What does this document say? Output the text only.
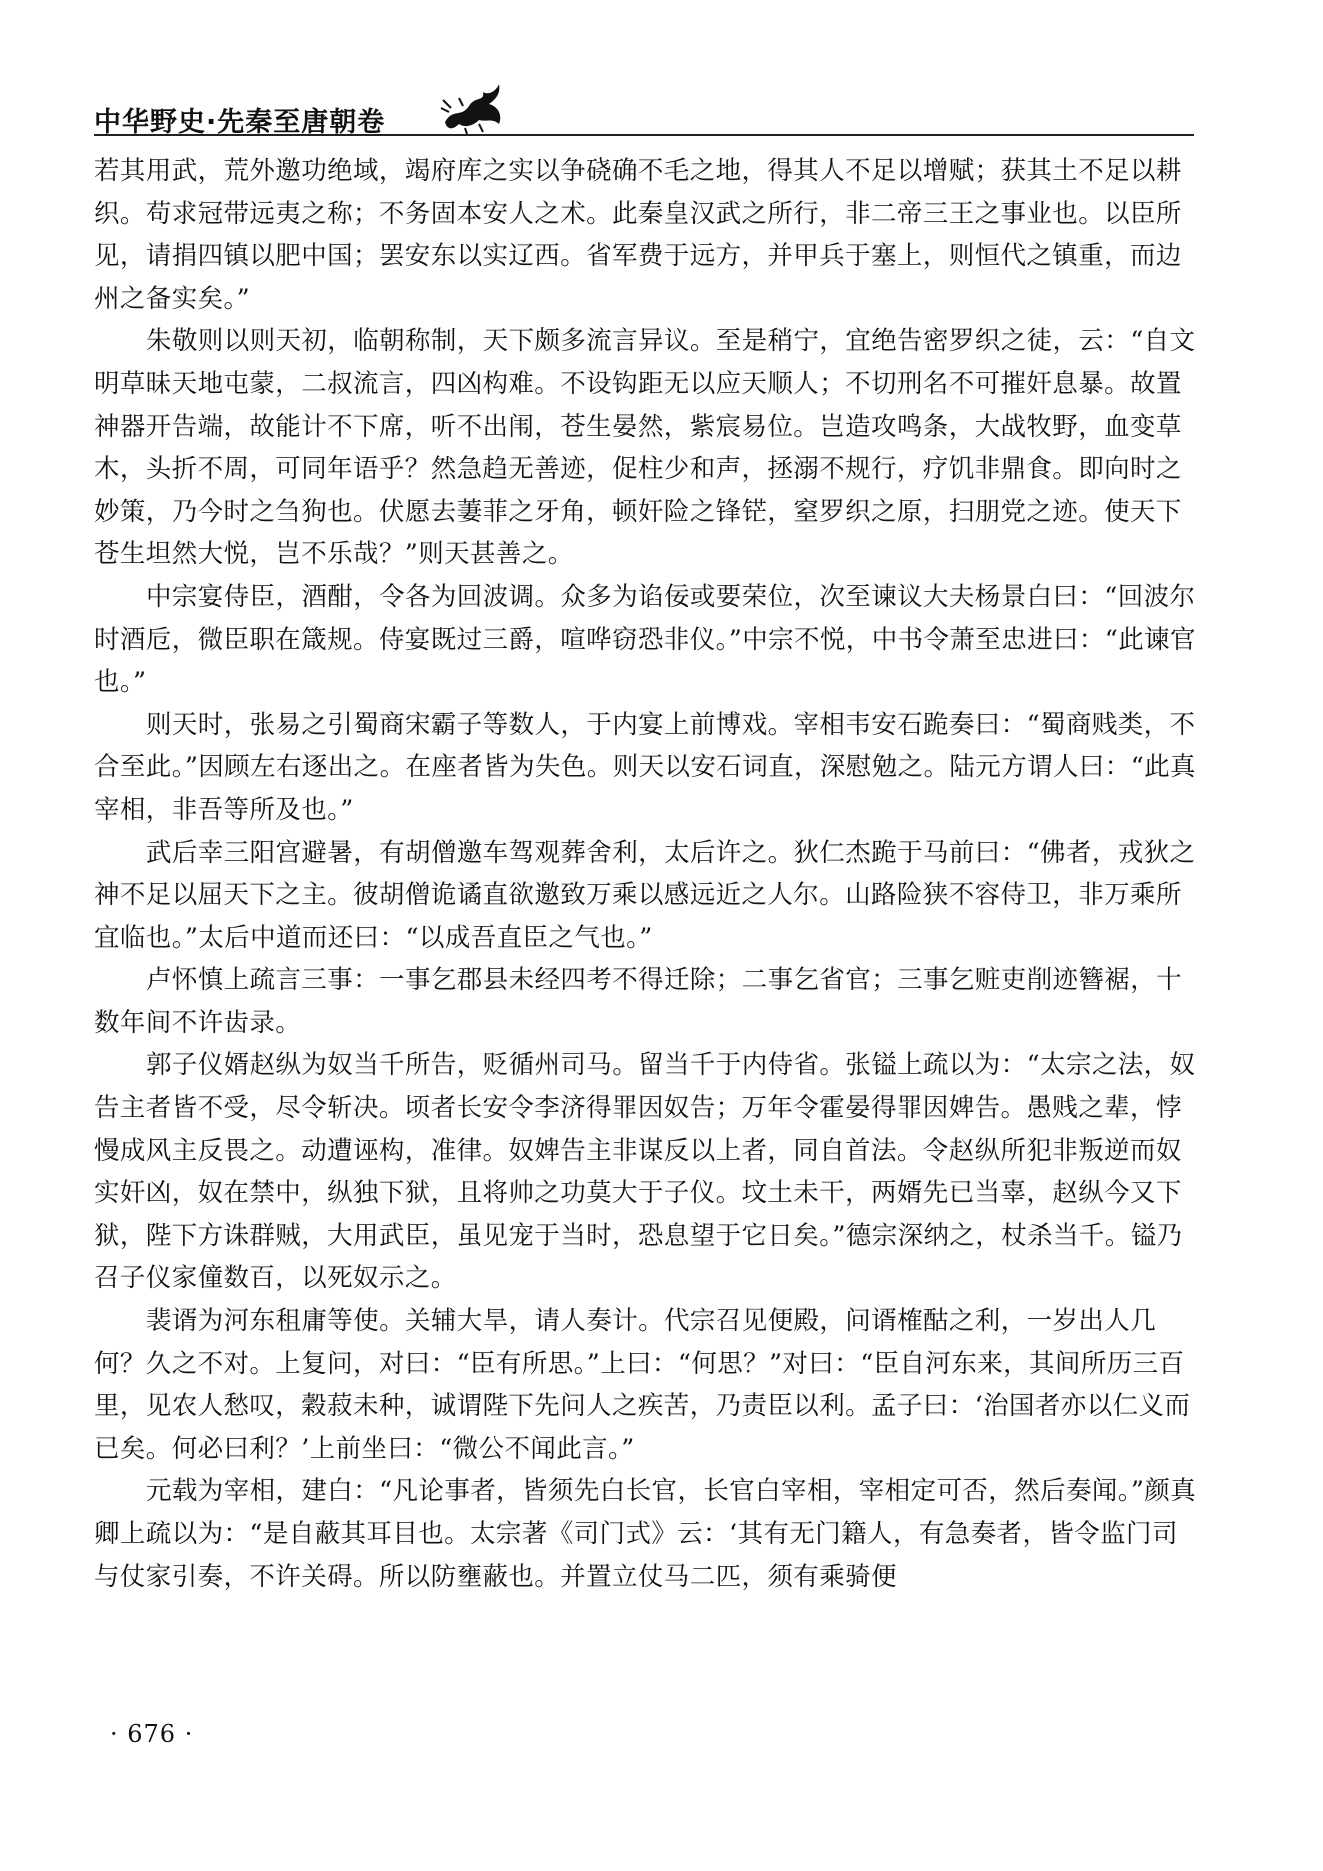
中华野史·先秦至唐朝卷

若其用武，荒外邀功绝域，竭府库之实以争硗确不毛之地，得其人不足以增赋；获其土不足以耕织。苟求冠带远夷之称；不务固本安人之术。此秦皇汉武之所行，非二帝三王之事业也。以臣所见，请捐四镇以肥中国；罢安东以实辽西。省军费于远方，并甲兵于塞上，则恒代之镇重，而边州之备实矣。”

朱敬则以则天初，临朝称制，天下颇多流言异议。至是稍宁，宜绝告密罗织之徒，云：“自文明草昧天地屯蒙，二叔流言，四凶构难。不设钩距无以应天顺人；不切刑名不可摧奸息暴。故置神器开告端，故能计不下席，听不出闱，苍生晏然，紫宸易位。岂造攻鸣条，大战牧野，血变草木，头折不周，可同年语乎？然急趋无善迹，促柱少和声，拯溺不规行，疗饥非鼎食。即向时之妙策，乃今时之刍狗也。伏愿去萋菲之牙角，顿奸险之锋铓，窒罗织之原，扫朋党之迹。使天下苍生坦然大悦，岂不乐哉？”则天甚善之。

中宗宴侍臣，酒酣，令各为回波调。众多为谄佞或要荣位，次至谏议大夫杨景白曰：“回波尔时酒卮，微臣职在箴规。侍宴既过三爵，喧哗窃恐非仪。”中宗不悦，中书令萧至忠进曰：“此谏官也。”

则天时，张易之引蜀商宋霸子等数人，于内宴上前博戏。宰相韦安石跪奏曰：“蜀商贱类，不合至此。”因顾左右逐出之。在座者皆为失色。则天以安石词直，深慰勉之。陆元方谓人曰：“此真宰相，非吾等所及也。”

武后幸三阳宫避暑，有胡僧邀车驾观葬舍利，太后许之。狄仁杰跪于马前曰：“佛者，戎狄之神不足以屈天下之主。彼胡僧诡谲直欲邀致万乘以感远近之人尔。山路险狭不容侍卫，非万乘所宜临也。”太后中道而还曰：“以成吾直臣之气也。”

卢怀慎上疏言三事：一事乞郡县未经四考不得迁除；二事乞省官；三事乞赃吏削迹簪裾，十数年间不许齿录。

郭子仪婿赵纵为奴当千所告，贬循州司马。留当千于内侍省。张镒上疏以为：“太宗之法，奴告主者皆不受，尽令斩决。顷者长安令李济得罪因奴告；万年令霍晏得罪因婢告。愚贱之辈，悖慢成风主反畏之。动遭诬构，准律。奴婢告主非谋反以上者，同自首法。令赵纵所犯非叛逆而奴实奸凶，奴在禁中，纵独下狱，且将帅之功莫大于子仪。坟土未干，两婿先已当辜，赵纵今又下狱，陛下方诛群贼，大用武臣，虽见宠于当时，恐息望于它日矣。”德宗深纳之，杖杀当千。镒乃召子仪家僮数百，以死奴示之。

裴谞为河东租庸等使。关辅大旱，请人奏计。代宗召见便殿，问谞榷酤之利，一岁出人几何？久之不对。上复问，对曰：“臣有所思。”上曰：“何思？”对曰：“臣自河东来，其间所历三百里，见农人愁叹，穀菽未种，诚谓陛下先问人之疾苦，乃责臣以利。孟子曰：‘治国者亦以仁义而已矣。何必曰利？’上前坐曰：“微公不闻此言。”

元载为宰相，建白：“凡论事者，皆须先白长官，长官白宰相，宰相定可否，然后奏闻。”颜真卿上疏以为：“是自蔽其耳目也。太宗著《司门式》云：‘其有无门籍人，有急奏者，皆令监门司与仗家引奏，不许关碍。所以防壅蔽也。并置立仗马二匹，须有乘骑便

· 676 ·
